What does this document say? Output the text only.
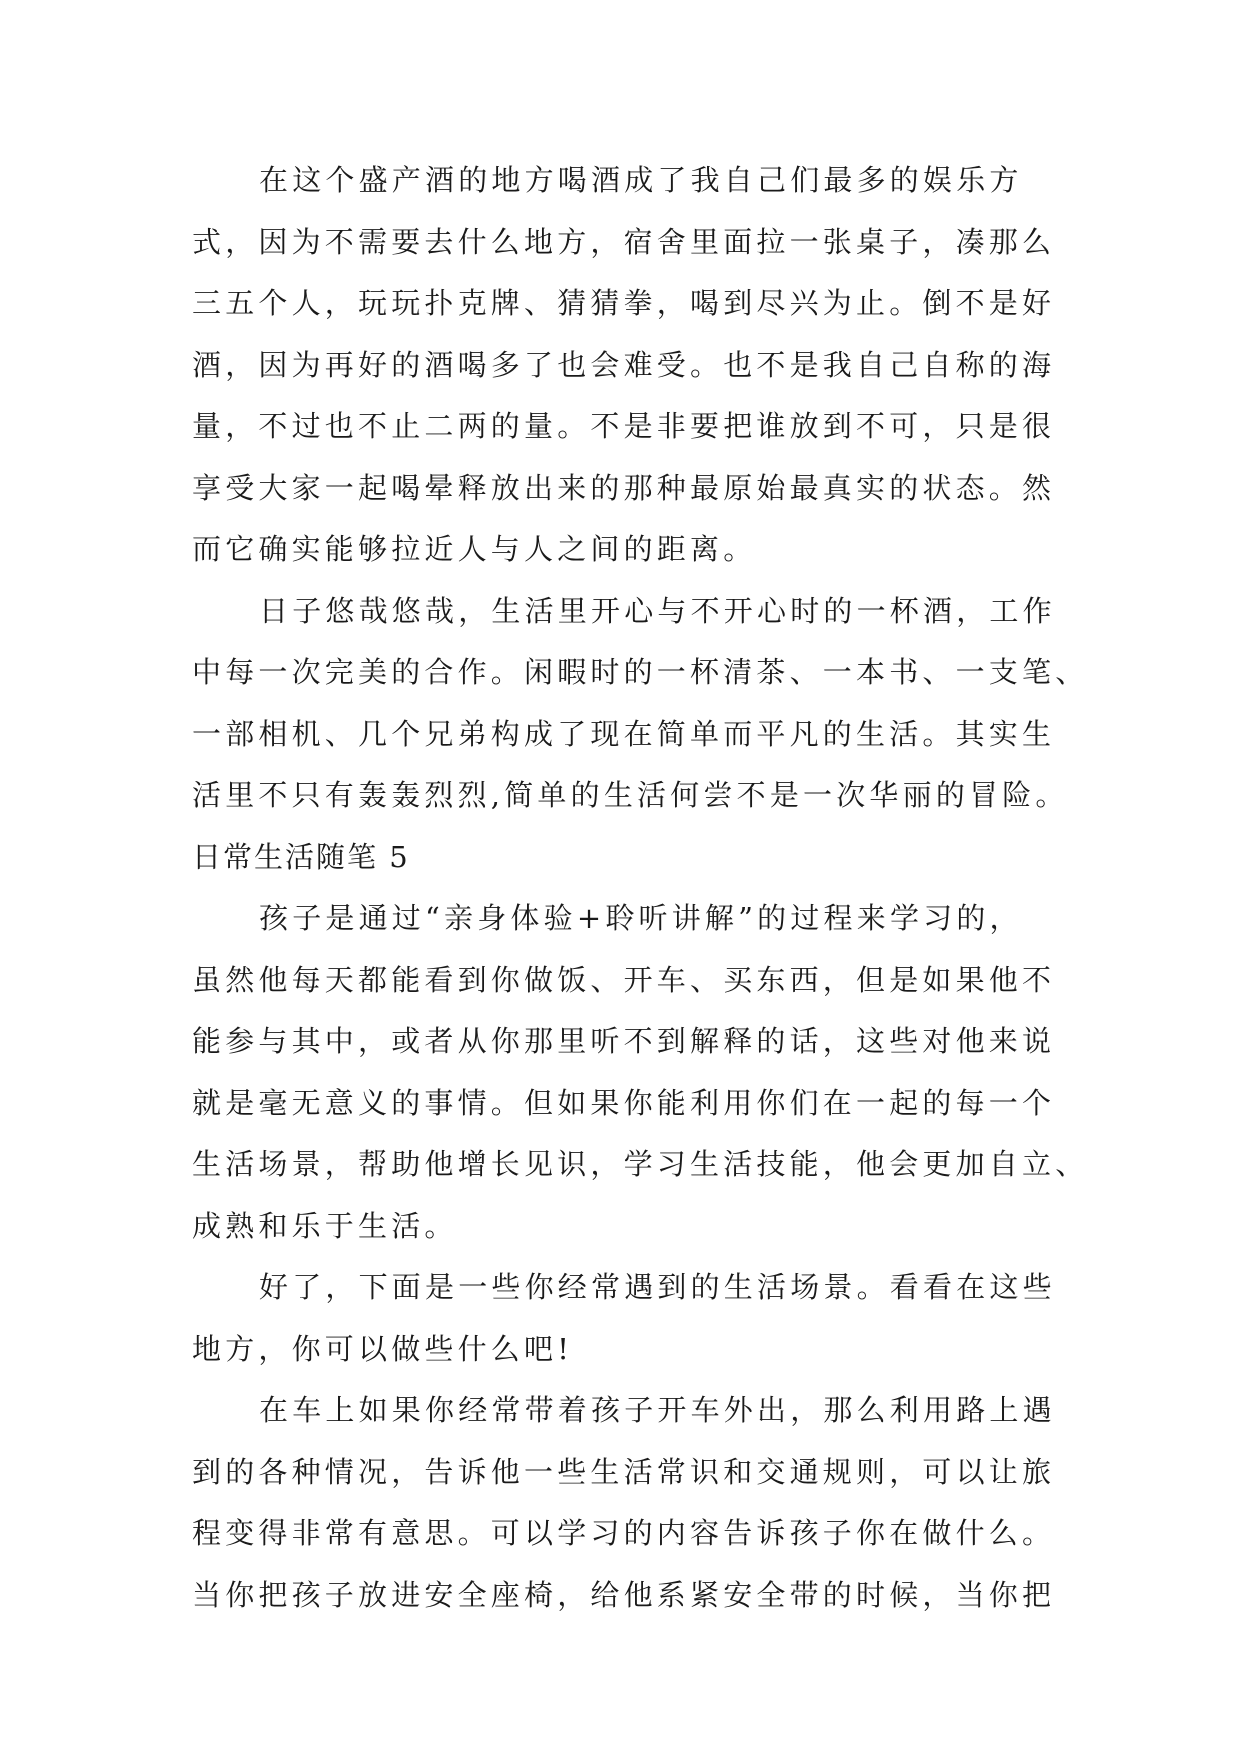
在这个盛产酒的地方喝酒成了我自己们最多的娱乐方
式，因为不需要去什么地方，宿舍里面拉一张桌子，凑那么
三五个人，玩玩扑克牌、猜猜拳，喝到尽兴为止。倒不是好
酒，因为再好的酒喝多了也会难受。也不是我自己自称的海
量，不过也不止二两的量。不是非要把谁放到不可，只是很
享受大家一起喝晕释放出来的那种最原始最真实的状态。然
而它确实能够拉近人与人之间的距离。
日子悠哉悠哉，生活里开心与不开心时的一杯酒，工作
中每一次完美的合作。闲暇时的一杯清茶、一本书、一支笔、
一部相机、几个兄弟构成了现在简单而平凡的生活。其实生
活里不只有轰轰烈烈,简单的生活何尝不是一次华丽的冒险。
日常生活随笔 5
孩子是通过“亲身体验+聆听讲解”的过程来学习的，
虽然他每天都能看到你做饭、开车、买东西，但是如果他不
能参与其中，或者从你那里听不到解释的话，这些对他来说
就是毫无意义的事情。但如果你能利用你们在一起的每一个
生活场景，帮助他增长见识，学习生活技能，他会更加自立、
成熟和乐于生活。
好了，下面是一些你经常遇到的生活场景。看看在这些
地方，你可以做些什么吧!
在车上如果你经常带着孩子开车外出，那么利用路上遇
到的各种情况，告诉他一些生活常识和交通规则，可以让旅
程变得非常有意思。可以学习的内容告诉孩子你在做什么。
当你把孩子放进安全座椅，给他系紧安全带的时候，当你把
